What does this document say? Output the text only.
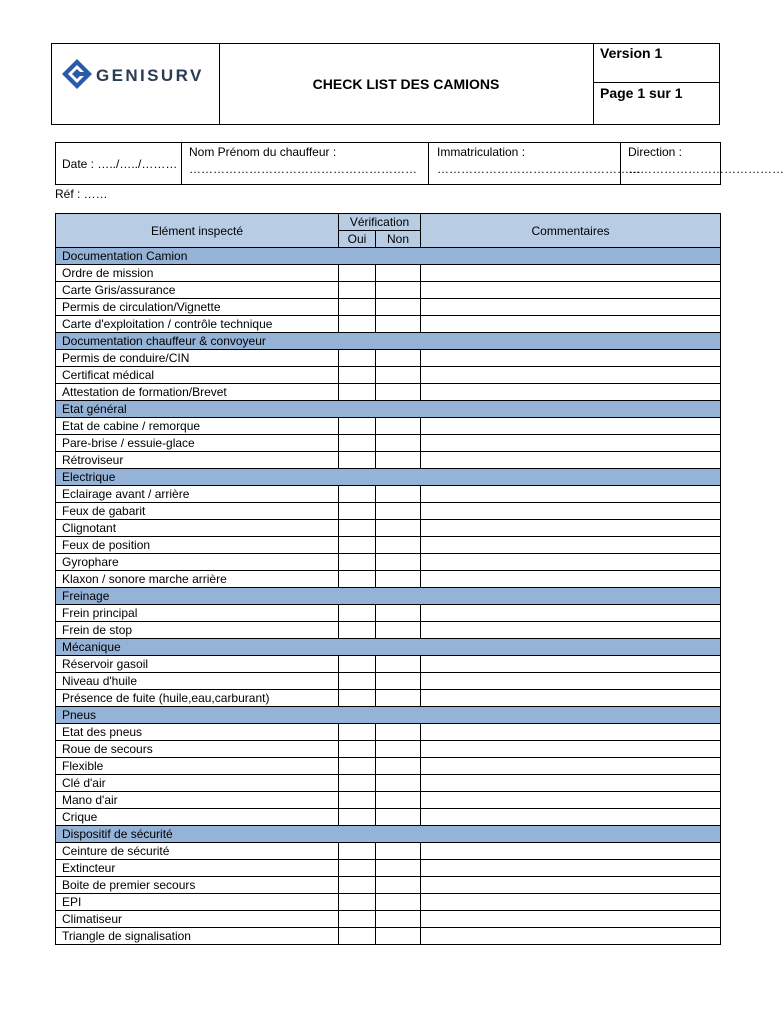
GENISURV	CHECK LIST DES CAMIONS
Version 1
Page 1 sur 1
Date : …../…../………
Nom Prénom du chauffeur :
…………………………………………………
Immatriculation :
……………………………………………
Direction :
…………………………………
Réf : ……
Elément inspecté	Vérification		Commentaires
	Oui	Non	
Documentation Camion			
Ordre de mission			
Carte Gris/assurance			
Permis de circulation/Vignette			
Carte d'exploitation / contrôle technique			
Documentation chauffeur & convoyeur			
Permis de conduire/CIN			
Certificat médical			
Attestation de formation/Brevet			
Etat général			
Etat de cabine / remorque			
Pare-brise / essuie-glace			
Rétroviseur			
Electrique			
Eclairage avant / arrière			
Feux de gabarit			
Clignotant			
Feux de position			
Gyrophare			
Klaxon / sonore marche arrière			
Freinage			
Frein principal			
Frein de stop			
Mécanique			
Réservoir gasoil			
Niveau d'huile			
Présence de fuite (huile,eau,carburant)			
Pneus			
Etat des pneus			
Roue de secours			
Flexible			
Clé d'air			
Mano d'air			
Crique			
Dispositif de sécurité			
Ceinture de sécurité			
Extincteur			
Boite de premier secours			
EPI			
Climatiseur			
Triangle de signalisation			
